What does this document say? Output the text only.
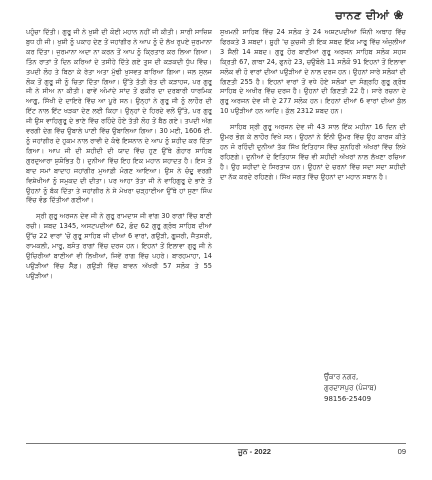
ਚਾਨਣ ਦੀਆਂ ❀

ਪਹੁੰਚਾ ਦਿੱਤੀ। ਗੁਰੂ ਜੀ ਨੇ ਖੁਸ਼ੀ ਦੀ ਕੋਈ ਮਹਾਨ ਨਹੀਂ ਜੀ ਕੀਤੀ। ਸਾਰੀ ਸਾਜ਼ਿਸ਼ ਬੁਧ ਹੀ ਜੀ। ਖੁਸ਼ੀ ਨੂੰ ਪਕਾਹ ਦੇਣ ਤੋਂ ਜਹਾਂਗੀਰ ਨੇ ਆਪ ਨੂੰ ਦੋ ਲੱਖ ਰੁਪਏ ਜੁਰਮਾਨਾ ਕਰ ਦਿੱਤਾ। ਜੁਰਮਾਨਾ ਅਦਾ ਨਾ ਕਰਨ ਤੋਂ ਆਪ ਨੂੰ ਕ੍ਰਿਤਾਰ ਕਰ ਲਿਆ ਗਿਆ। ਤਿੰਨ ਰਾਤਾਂ ਤੋਂ ਦਿਨ ਕਰਿਆਂ ਦੇ ਤਸੀਹੇ ਦਿੱਤੇ ਗਏ ਤੁਸ ਦੀ ਕੜਕਦੀ ਧੁੱਪ ਵਿੱਚ। ਤਪਦੀ ਲੋਹ ਤੇ ਬਿਠਾ ਕੇ ਰੇਤਾ ਅਤਾ ਮੁੱਢੀ ਖੁਸਵਤ ਬਾਰਿਆ ਗਿਆ। ਜਲ ਸੁਲਜ ਲੋਕ ਤੋਂ ਗੁਰੂ ਜੀ ਨੂੰ ਚਿਤਾ ਦਿੱਤਾ ਗਿਆ। ਉੱਤੇ ਤੱਤੀ ਰੇਤ ਦੀ ਕੜਾਹਜ, ਪਰ ਗੁਰੂ ਜੀ ਨੇ ਸੀਅ ਨਾ ਕੀਤੀ। ਫਾਵੇਂ ਅੰਮਾਂਦੇ ਸਾਂਦ ਤੋਂ ਫਕੀਰ ਦਾ ਦਰਬਾਰੀ ਧਾਰਮਿਕ ਆਗੂ, ਸਿੱਖੀ ਦੇ ਦਾਇਰੇ ਵਿੱਚ ਆ ਪੂਰੇ ਸਨ। ਉਨ੍ਹਾਂ ਨੇ ਗੁਰੂ ਜੀ ਨੂੰ ਲਾਹੌਰ ਦੀ ਇੱਟ ਨਾਲ ਇੱਟ ਖੜਕਾ ਦੇਣ ਲਈ ਕਿਹਾ। ਉਨ੍ਹਾਂ ਦੇ ਹਿਰਦੇ ਵਲੋਂ ਉੱਤੇ, ਪਰ ਗੁਰੂ ਜੀ ਉਸ ਵਾਹਿਗੁਰੂ ਦੇ ਭਾਣੇ ਵਿੱਚ ਰਹਿੰਦੇ ਹੋਏ ਤੱਤੀ ਲੋਹ ਤੋਂ ਬੈਠ ਗਏ। ਤਪਦੀ ਅੱਗ ਵਰਗੀ ਦੇਗ ਵਿੱਚ ਉਬਾਲੇ ਪਾਣੀ ਵਿੱਚ ਉਬਾਲਿਆ ਗਿਆ। 30 ਮਈ, 1606 ਈ. ਨੂੰ ਜਹਾਂਗੀਰ ਦੇ ਹੁਕਮ ਨਾਲ ਰਾਵੀ ਦੇ ਕੰਢੇ ਇਸ਼ਨਾਨ ਦੇ ਆਪ ਨੂੰ ਸ਼ਹੀਦ ਕਰ ਦਿੱਤਾ ਗਿਆ। ਆਪ ਜੀ ਦੀ ਸ਼ਹੀਦੀ ਦੀ ਯਾਦ ਵਿੱਚ ਹੁਣ ਉੱਥੇ ਗੋਹਾਰ ਸਾਹਿਬ ਗੁਰਦੁਆਰਾ ਸ਼ੁਸ਼ੋਭਿਤ ਹੈ। ਦੁਨੀਆਂ ਵਿੱਚ ਇਹ ਇਕ ਮਹਾਨ ਸ਼ਹਾਦਤ ਹੈ। ਇਸ ਤੋਂ ਬਾਦ ਸਮਾਂ ਬਾਦਾਹ ਜਹਾਂਗੀਰ ਮੁਆਫ਼ੀ ਮੰਗਣ ਆਇਆ। ਉਸ ਨੇ ਚੰਦੂ ਵਰਗੀ ਵਿਸ਼ੇਖੀਆਂ ਨੂੰ ਸਮੁਕਦ ਦੀ ਦੀਤਾ। ਪਰ ਆਹਾ ਤੱਤਾ ਜੀ ਨੇ ਵਾਹਿਗੁਰੂ ਦੇ ਭਾਣੇ ਤੋਂ ਉਹਨਾਂ ਨੂੰ ਬੱਕ ਦਿੱਤਾ ਤੇ ਜਹਾਂਗੀਰ ਨੇ ਸੇ ਮੇਖਰਾ ਚੜ੍ਹਾਈਆ ਉੱਥੇ ਹਾਂ ਸੁਣਾ ਸਿੰਘ ਵਿੱਚ ਵੰਡ ਦਿੱਤੀਆਂ ਗਈਆਂ।

ਸ੍ਰੀ ਗੁਰੂ ਅਰਜਨ ਦੇਵ ਜੀ ਨੇ ਗੁਰੂ ਰਾਮਦਾਸ ਜੀ ਵਾਂਗ 30 ਰਾਗਾਂ ਵਿੱਚ ਬਾਣੀ ਰਚੀ। ਸ਼ਬਦ 1345, ਅਸਟਪਦੀਆਂ 62, ਛੰਦ 62 ਗੁਰੂ ਗ੍ਰੰਥ ਸਾਹਿਬ ਦੀਆਂ ਉੱਚ 22 ਵਾਰਾਂ 'ਚੋਂ ਗੁਰੂ ਸਾਹਿਬ ਜੀ ਦੀਆਂ 6 ਵਾਰਾਂ, ਗਉੜੀ, ਗੂਜਰੀ, ਜੈਤਸਰੀ, ਰਾਮਕਲੀ, ਮਾਰੂ, ਬਸੰਤ ਰਾਗਾਂ ਵਿੱਚ ਦਰਜ ਹਨ। ਇਹਨਾਂ ਤੋਂ ਇਲਾਵਾ ਗੁਰੂ ਜੀ ਨੇ ਉਚਿਰੀਆਂ ਬਾਣੀਆਂ ਵੀ ਲਿਖੀਆਂ, ਜਿਵੇਂ ਰਾਗ ਵਿੱਚ ਪਹਰੇ। ਬਾਰਹਮਾਹਾ, 14 ਪਉੜੀਆਂ ਵਿੱਚ ਸੈੱਫ਼। ਗਉੜੀ ਵਿੱਚ ਬਾਵਨ ਅੱਖਰੀ 57 ਸਲੋਕ ਤੇ 55 ਪਉੜੀਆਂ।

ਸੁਖਮਨੀ ਸਾਹਿਬ ਵਿੱਚ 24 ਸਲੋਕ ਤੇ 24 ਅਸ਼ਟਪਦੀਆਂ ਜਿੰਨੀ ਅਥਾਹ ਵਿੱਚ ਫਿਰਕਤੇ 3 ਸ਼ਬਦਾਂ। ਸੂਹੀ 'ਚ ਕੁਚਜੀ ਤੀ ਇਕ ਸ਼ਬਦ ਇੱਕ ਮਾਰੂ ਵਿੱਚ ਅੰਜੁਲੀਆਂ 3 ਸ਼ੈਲੀ 14 ਸ਼ਬਦ। ਗੁਰੂ ਹੋਰ ਬਾਣੀਆਂ ਗੁਰੂ ਅਰਜਨ ਸਾਹਿਬ ਸਲੋਕ ਸਹਸ ਕ੍ਰਿਤੀ 67, ਗਾਥਾ 24, ਫੁਨਹੇ 23, ਚਉਬੋਲੇ 11 ਸਲੋਕੋ 91 ਇਹਨਾਂ ਤੋਂ ਇਲਾਵਾ ਸਲੋਕ ਵੀ ਹੋ ਵਾਰਾਂ ਦੀਆਂ ਪਉੜੀਆਂ ਦੇ ਨਾਲ ਦਰਜ ਹਨ। ਉਹਨਾਂ ਸਾਰੇ ਸਲੋਕਾਂ ਦੀ ਗਿਣਤੀ 255 ਹੈ। ਇਹਨਾਂ ਵਾਰਾਂ ਤੋਂ ਵਧੇ ਹੋਏ ਸਲੋਕਾਂ ਦਾ ਸੰਗ੍ਰਹਿ ਗੁਰੂ ਗ੍ਰੰਥ ਸਾਹਿਬ ਦੇ ਅਖੀਰ ਵਿੱਚ ਦਰਜ ਹੈ। ਉਹਨਾਂ ਦੀ ਗਿਣਤੀ 22 ਹੈ। ਸਾਰੇ ਰਚਨਾ ਦੇ ਗੁਰੂ ਅਰਜਨ ਦੇਵ ਜੀ ਦੇ 277 ਸਲੋਕ ਹਨ। ਇਹਨਾਂ ਦੀਆਂ 6 ਵਾਰਾਂ ਦੀਆਂ ਕੁੱਲ 10 ਪਉੜੀਆਂ ਹਨ ਆਦਿ। ਕੁੱਲ 2312 ਸ਼ਬਦ ਹਨ।

ਸਾਹਿਬ ਸ੍ਰੀ ਗੁਰੂ ਅਰਜਨ ਦੇਵ ਜੀ 43 ਸਾਲ ਇੱਕ ਮਹੀਨਾ 16 ਦਿਨ ਦੀ ਉਮਰ ਭੋਗ ਕੇ ਲਾਹੌਰ ਵਿਖੇ ਸਨ। ਉਹਨਾਂ ਨੇ ਇੰਨੀ ਉਮਰ ਵਿੱਚ ਉਹ ਕਾਰਜ ਕੀਤੇ ਹਨ ਜੋ ਰਹਿੰਦੀ ਦੁਨੀਆਂ ਤੱਕ ਸਿੱਖ ਇਤਿਹਾਸ ਵਿੱਚ ਸੁਨਹਿਰੀ ਅੱਖਰਾਂ ਵਿੱਚ ਲਿਖੇ ਰਹਿਣਗੇ। ਦੁਨੀਆਂ ਦੇ ਇਤਿਹਾਸ ਵਿੱਚ ਵੀ ਸ਼ਹੀਦੀ ਅੱਖਰਾਂ ਨਾਲ ਲੱਖਣਾ ਰਚਿਆ ਹੈ। ਉਹ ਸ਼ਹੀਦਾਂ ਦੇ ਸਿਰਤਾਜ ਹਨ। ਉਹਨਾਂ ਦੇ ਚਰਨਾਂ ਵਿੱਚ ਸਦਾ ਸਦਾ ਸ਼ਹੀਦੀ ਦਾ ਨੱਕ ਕਰਦੇ ਰਹਿਣਗੇ। ਸਿੱਖ ਜਗਤ ਵਿੱਚ ਉਹਨਾਂ ਦਾ ਮਹਾਨ ਸਥਾਨ ਹੈ।

ਉੰਕਾਰ ਨਗਰ,
ਗੁਰਦਾਸਪੁਰ (ਪੰਜਾਬ)
98156-25409
ਜੂਨ - 2022	09
